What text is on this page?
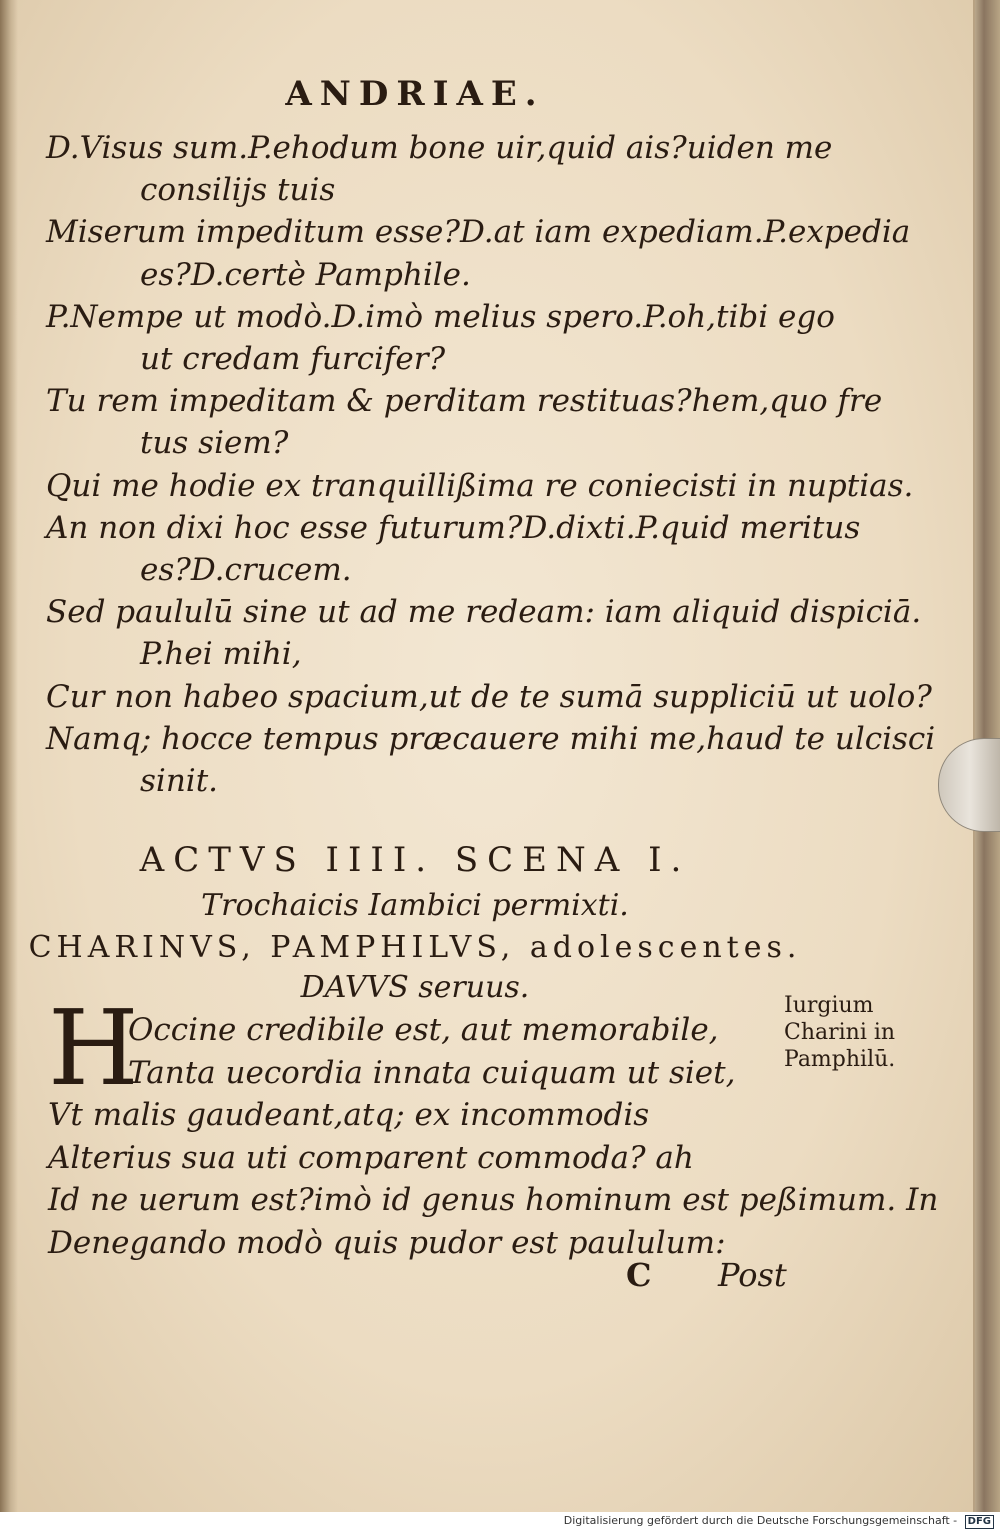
ANDRIAE.
D.Visus sum.P.ehodum bone uir,quid ais?uiden me
consilijs tuis
Miserum impeditum esse?D.at iam expediam.P.expedia
es?D.certè Pamphile.
P.Nempe ut modò.D.imò melius spero.P.oh,tibi ego
ut credam furcifer?
Tu rem impeditam & perditam restituas?hem,quo fre
tus siem?
Qui me hodie ex tranquillißima re coniecisti in nuptias.
An non dixi hoc esse futurum?D.dixti.P.quid meritus
es?D.crucem.
Sed paululū sine ut ad me redeam: iam aliquid dispiciā.
P.hei mihi,
Cur non habeo spacium,ut de te sumā suppliciū ut uolo?
Namq; hocce tempus præcauere mihi me,haud te ulcisci
sinit.
ACTVS IIII. SCENA I.
Trochaicis Iambici permixti.
CHARINVS, PAMPHILVS, adolescentes.
DAVVS seruus.
H
Occine credibile est, aut memorabile,
Tanta uecordia innata cuiquam ut siet,
Vt malis gaudeant,atq; ex incommodis
Alterius sua uti comparent commoda? ah
Id ne uerum est?imò id genus hominum est peßimum. In
Denegando modò quis pudor est paululum:
Iurgium
Charini in
Pamphilū.
C Post
Digitalisierung gefördert durch die Deutsche Forschungsgemeinschaft - DFG
